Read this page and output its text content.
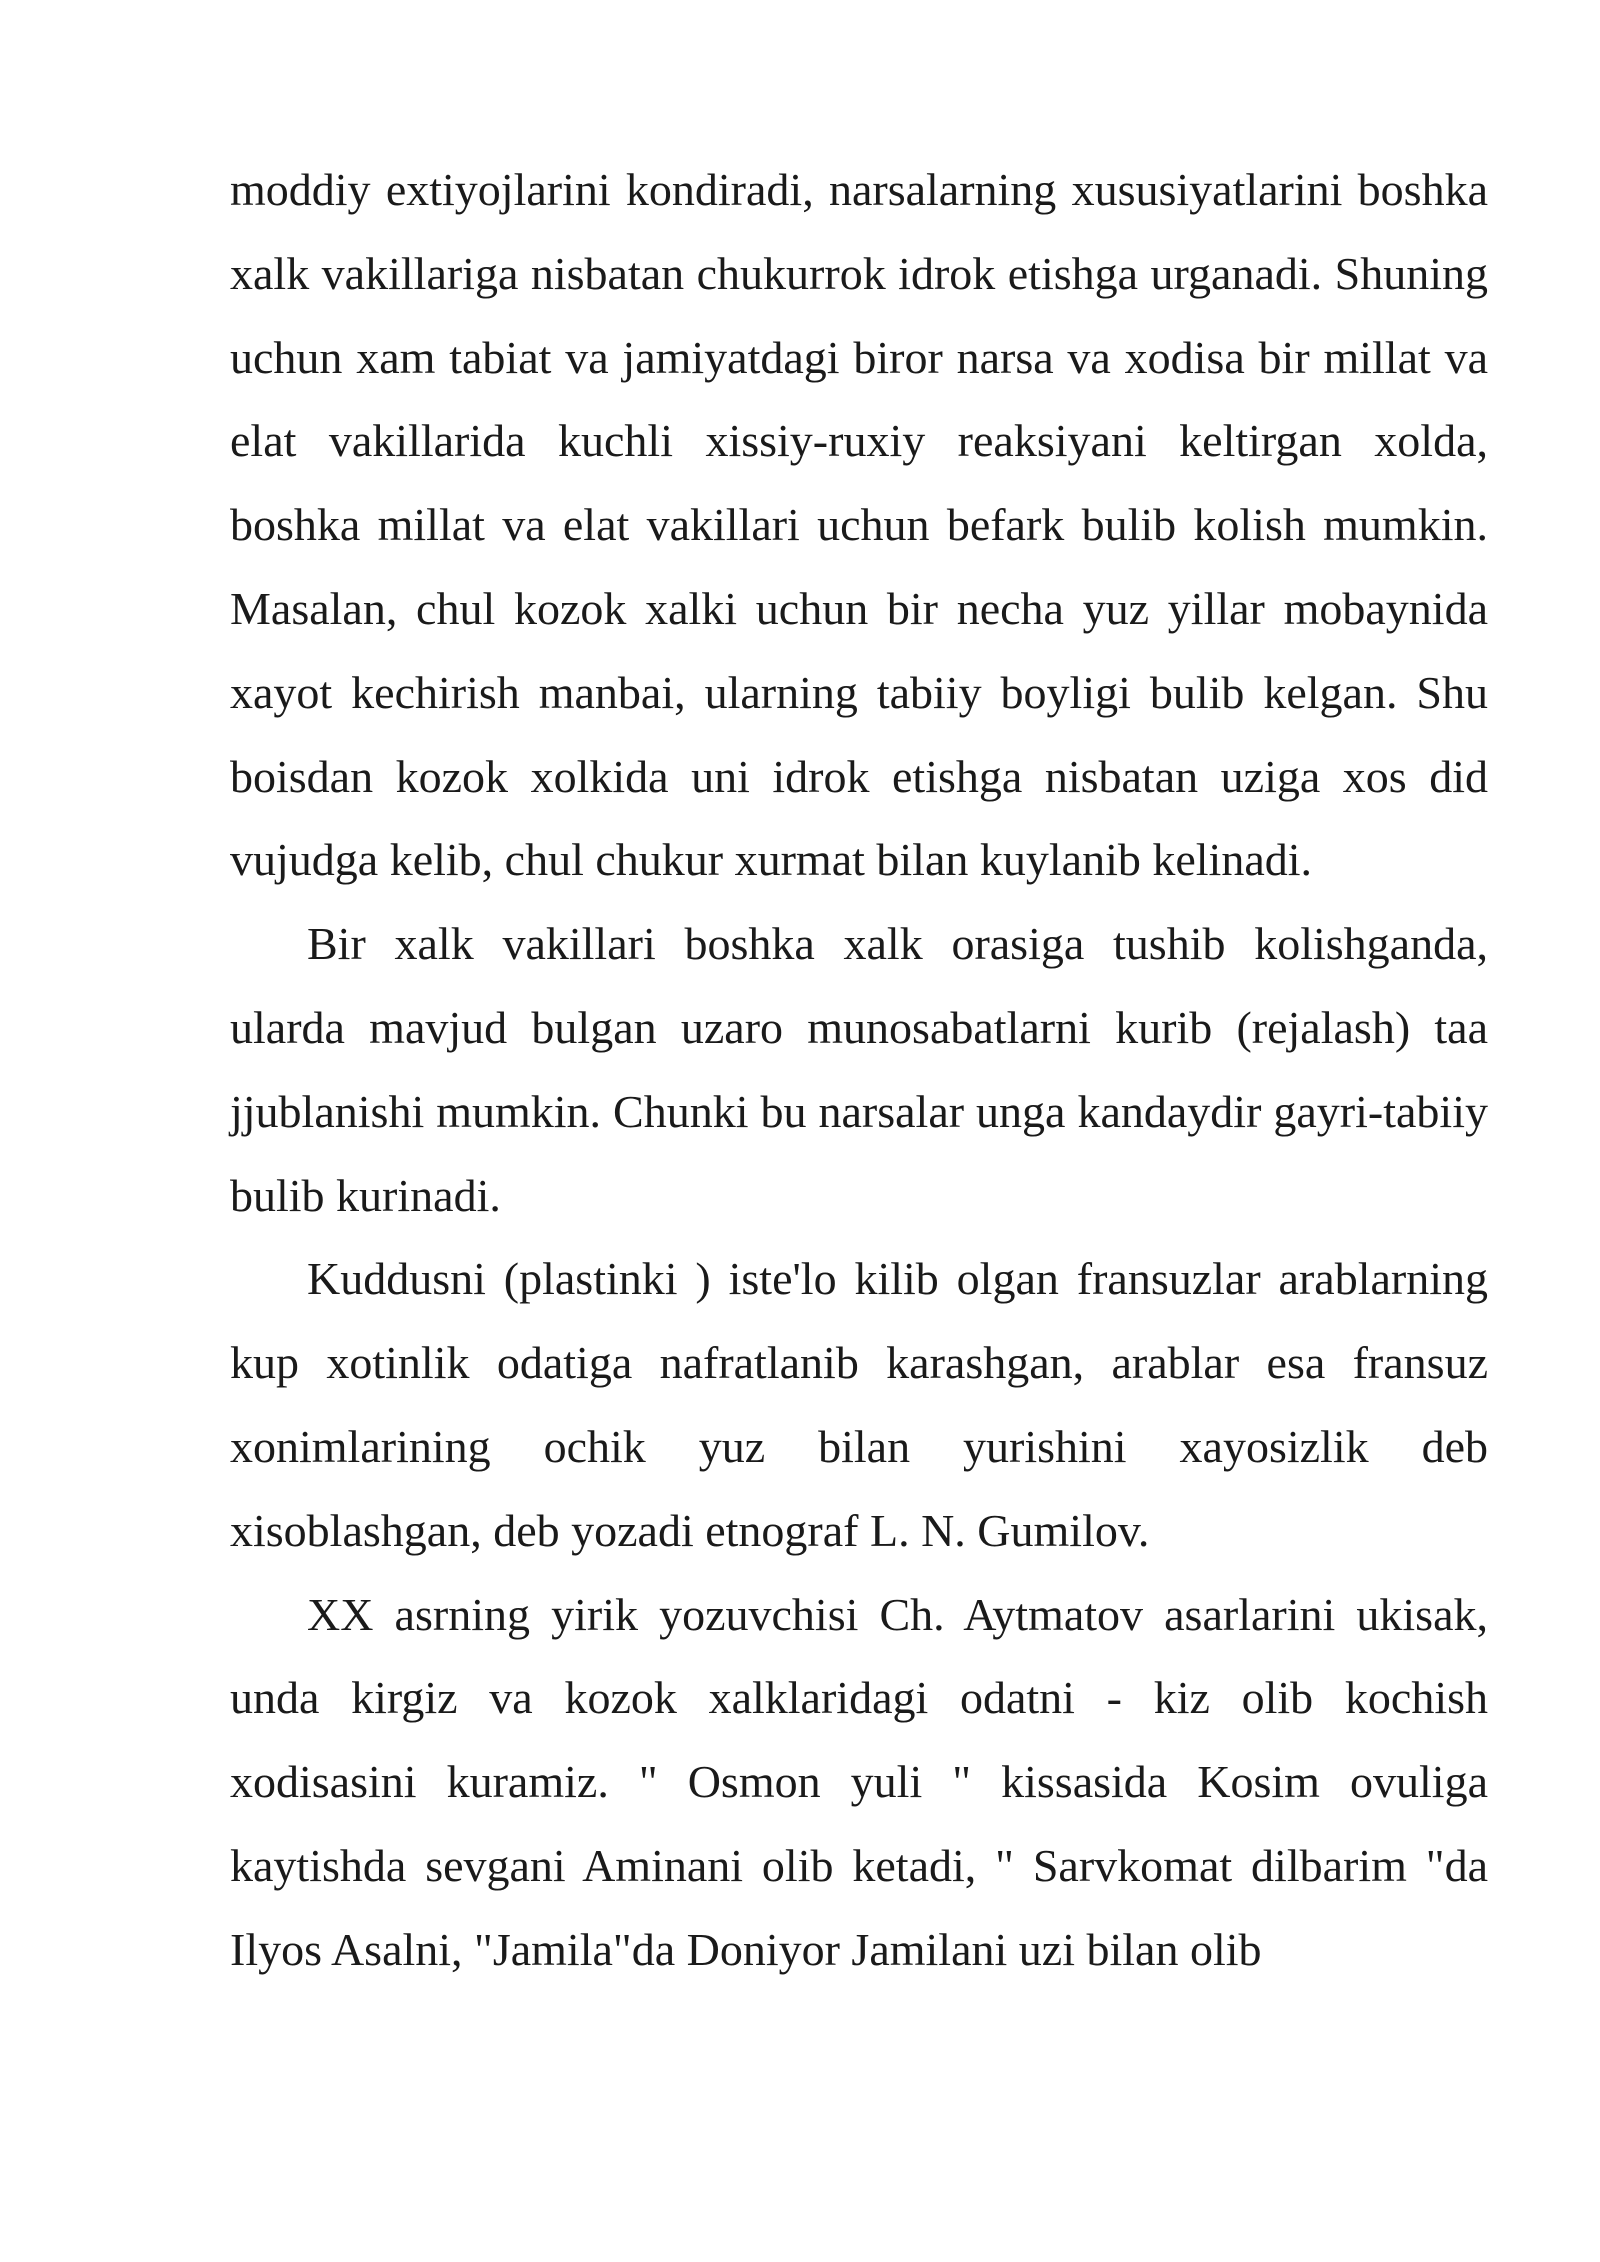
moddiy extiyojlarini kondiradi, narsalarning xususiyatlarini boshka xalk vakillariga nisbatan chukurrok idrok etishga urganadi. Shuning uchun xam tabiat va jamiyatdagi biror narsa va xodisa bir millat va elat vakillarida kuchli xissiy-ruxiy reaksiyani keltirgan xolda, boshka millat va elat vakillari uchun befark bulib kolish mumkin. Masalan, chul kozok xalki uchun bir necha yuz yillar mobaynida xayot kechirish manbai, ularning tabiiy boyligi bulib kelgan. Shu boisdan kozok xolkida uni idrok etishga nisbatan uziga xos did vujudga kelib, chul chukur xurmat bilan kuylanib kelinadi.

Bir xalk vakillari boshka xalk orasiga tushib kolishganda, ularda mavjud bulgan uzaro munosabatlarni kurib (rejalash) taa jjublanishi mumkin. Chunki bu narsalar unga kandaydir gayri-tabiiy bulib kurinadi.

Kuddusni (plastinki ) iste'lo kilib olgan fransuzlar arablarning kup xotinlik odatiga nafratlanib karashgan, arablar esa fransuz xonimlarining ochik yuz bilan yurishini xayosizlik deb xisoblashgan, deb yozadi etnograf L. N. Gumilov.

XX asrning yirik yozuvchisi Ch. Aytmatov asarlarini ukisak, unda kirgiz va kozok xalklaridagi odatni - kiz olib kochish xodisasini kuramiz. " Osmon yuli " kissasida Kosim ovuliga kaytishda sevgani Aminani olib ketadi, " Sarvkomat dilbarim "da Ilyos Asalni, "Jamila"da Doniyor Jamilani uzi bilan olib
